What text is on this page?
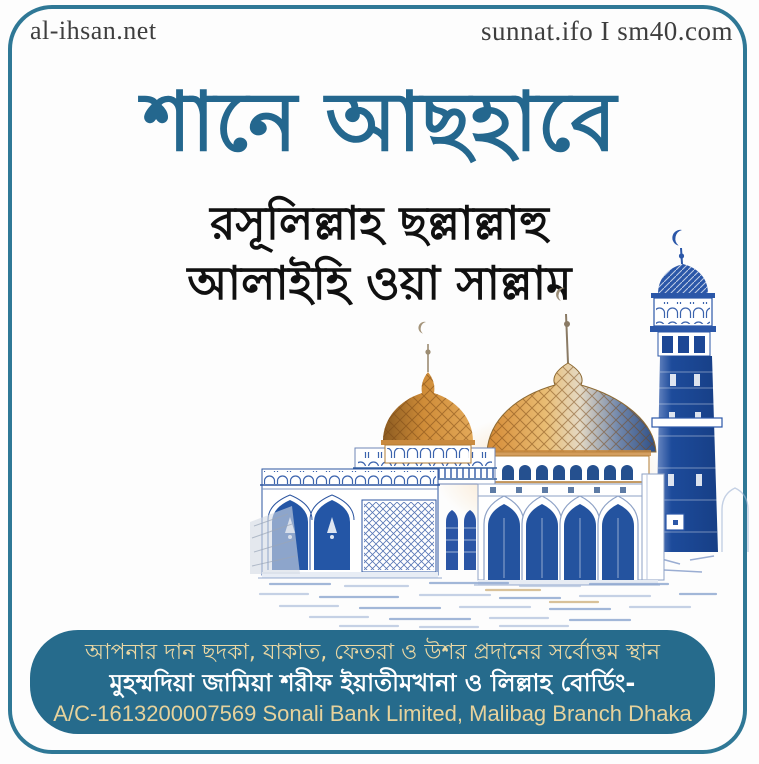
al-ihsan.net	sunnat.ifo I sm40.com
শানে আছহাবে
রসূলিল্লাহ ছল্লাল্লাহু
আলাইহি ওয়া সাল্লাম
আপনার দান ছদকা, যাকাত, ফেতরা ও উশর প্রদানের সর্বোত্তম স্থান
মুহম্মদিয়া জামিয়া শরীফ ইয়াতীমখানা ও লিল্লাহ বোর্ডিং-
A/C-1613200007569 Sonali Bank Limited, Malibag Branch Dhaka
